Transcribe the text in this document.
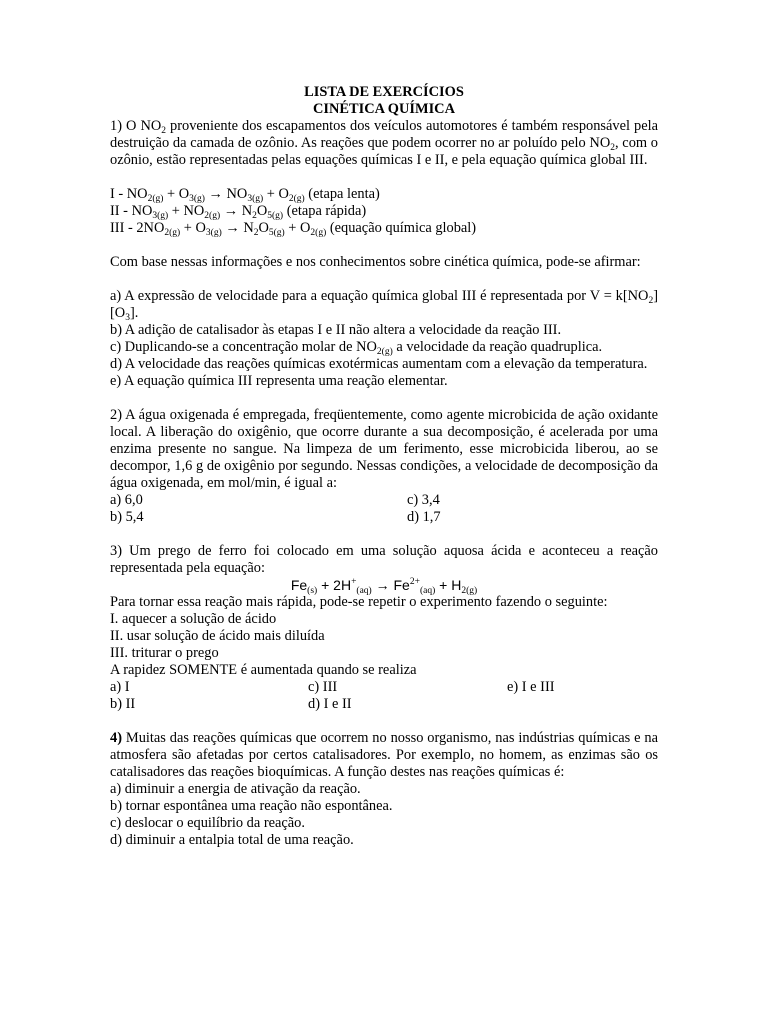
LISTA DE EXERCÍCIOS
CINÉTICA QUÍMICA

1) O $NO_2$ proveniente dos escapamentos dos veículos automotores é também responsável pela destruição da camada de ozônio. As reações que podem ocorrer no ar poluído pelo $NO_2$, com o ozônio, estão representadas pelas equações químicas I e II, e pela equação química global III.

$I - NO_{2(g)} + O_{3(g)} \to NO_{3(g)} + O_{2(g)}$ (etapa lenta)
II - $NO_{3(g)} + NO_{2(g)} \to N_2O_{5(g)}$ (etapa rápida)
III - $2NO_{2(g)} + O_{3(g)} \to N_2O_{5(g)} + O_{2(g)}$ (equação química global)

Com base nessas informações e nos conhecimentos sobre cinética química, pode-se afirmar:

a) A expressão de velocidade para a equação química global III é representada por $V = k[NO_2][O_3]$.

b) A adição de catalisador às etapas I e II não altera a velocidade da reação III.

c) Duplicando-se a concentração molar de $NO_{2(g)}$ a velocidade da reação quadruplica.

d) A velocidade das reações químicas exotérmicas aumentam com a elevação da temperatura.

e) A equação química III representa uma reação elementar.

2) A água oxigenada é empregada, freqüentemente, como agente microbicida de ação oxidante local. A liberação do oxigênio, que ocorre durante a sua decomposição, é acelerada por uma enzima presente no sangue. Na limpeza de um ferimento, esse microbicida liberou, ao se decompor, 1,6 g de oxigênio por segundo. Nessas condições, a velocidade de decomposição da água oxigenada, em mol/min, é igual a:

a) 6,0	c) 3,4
b) 5,4	d) 1,7

3) Um prego de ferro foi colocado em uma solução aquosa ácida e aconteceu a reação representada pela equação:

$Fe_{(s)} + 2H^+_{(aq)} \to Fe^{2+}_{(aq)} + H_{2(g)}$

Para tornar essa reação mais rápida, pode-se repetir o experimento fazendo o seguinte:

I. aquecer a solução de ácido
II. usar solução de ácido mais diluída
III. triturar o prego
A rapidez SOMENTE é aumentada quando se realiza
a) I	c) III	e) I e III
b) II	d) I e II

4) Muitas das reações químicas que ocorrem no nosso organismo, nas indústrias químicas e na atmosfera são afetadas por certos catalisadores. Por exemplo, no homem, as enzimas são os catalisadores das reações bioquímicas. A função destes nas reações químicas é:

a) diminuir a energia de ativação da reação.
b) tornar espontânea uma reação não espontânea.
c) deslocar o equilíbrio da reação.
d) diminuir a entalpia total de uma reação.
